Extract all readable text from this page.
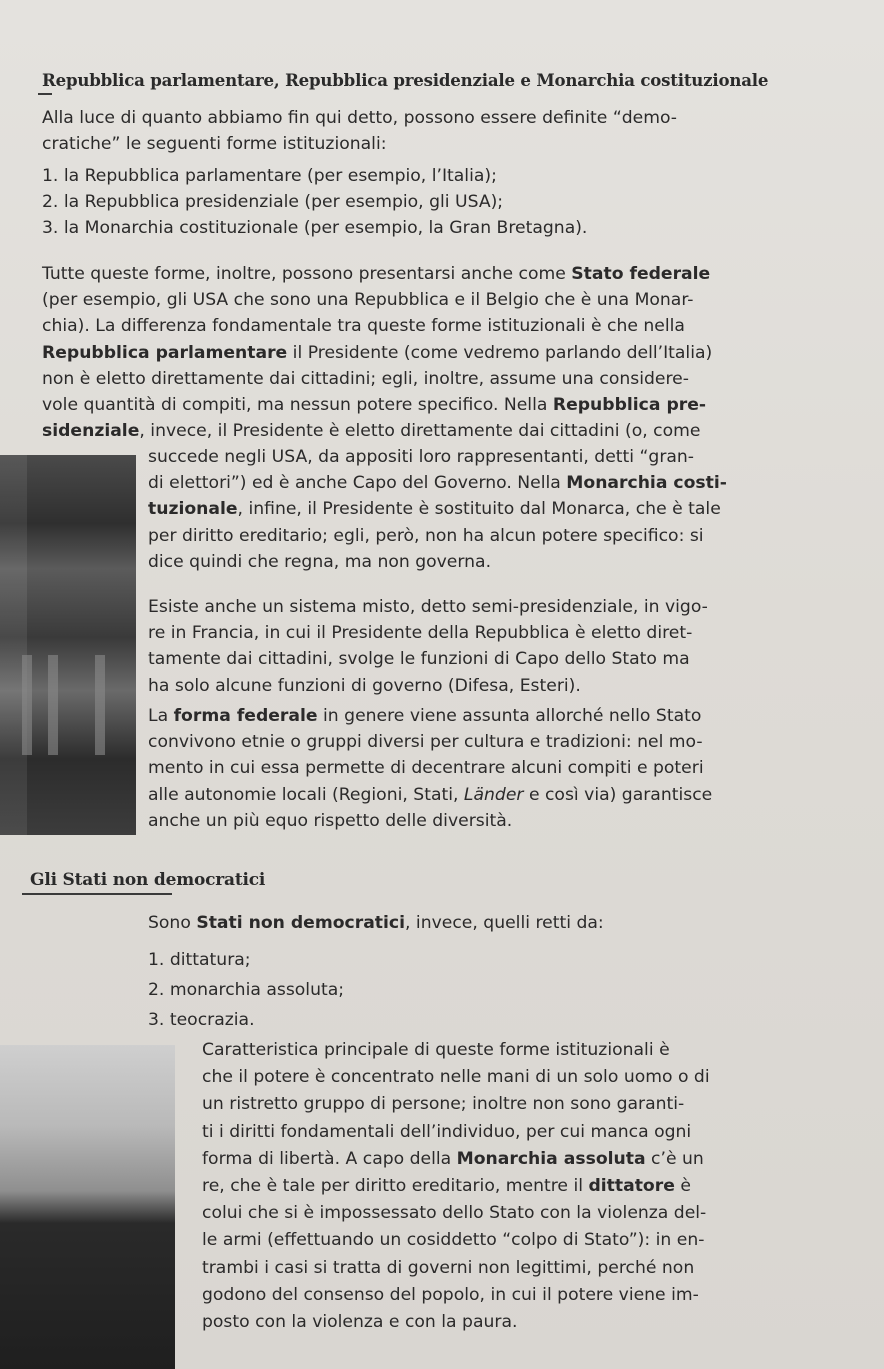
Repubblica parlamentare, Repubblica presidenziale e Monarchia costituzionale
Alla luce di quanto abbiamo fin qui detto, possono essere definite “demo-
cratiche” le seguenti forme istituzionali:
1. la Repubblica parlamentare (per esempio, l’Italia);
2. la Repubblica presidenziale (per esempio, gli USA);
3. la Monarchia costituzionale (per esempio, la Gran Bretagna).
Tutte queste forme, inoltre, possono presentarsi anche come Stato federale
(per esempio, gli USA che sono una Repubblica e il Belgio che è una Monar-
chia). La differenza fondamentale tra queste forme istituzionali è che nella
Repubblica parlamentare il Presidente (come vedremo parlando dell’Italia)
non è eletto direttamente dai cittadini; egli, inoltre, assume una considere-
vole quantità di compiti, ma nessun potere specifico. Nella Repubblica pre-
sidenziale, invece, il Presidente è eletto direttamente dai cittadini (o, come
succede negli USA, da appositi loro rappresentanti, detti “gran-
di elettori”) ed è anche Capo del Governo. Nella Monarchia costi-
tuzionale, infine, il Presidente è sostituito dal Monarca, che è tale
per diritto ereditario; egli, però, non ha alcun potere specifico: si
dice quindi che regna, ma non governa.
Esiste anche un sistema misto, detto semi-presidenziale, in vigo-
re in Francia, in cui il Presidente della Repubblica è eletto diret-
tamente dai cittadini, svolge le funzioni di Capo dello Stato ma
ha solo alcune funzioni di governo (Difesa, Esteri).
La forma federale in genere viene assunta allorché nello Stato
convivono etnie o gruppi diversi per cultura e tradizioni: nel mo-
mento in cui essa permette di decentrare alcuni compiti e poteri
alle autonomie locali (Regioni, Stati, Länder e così via) garantisce
anche un più equo rispetto delle diversità.
Gli Stati non democratici
Sono Stati non democratici, invece, quelli retti da:
1. dittatura;
2. monarchia assoluta;
3. teocrazia.
Caratteristica principale di queste forme istituzionali è
che il potere è concentrato nelle mani di un solo uomo o di
un ristretto gruppo di persone; inoltre non sono garanti-
ti i diritti fondamentali dell’individuo, per cui manca ogni
forma di libertà. A capo della Monarchia assoluta c’è un
re, che è tale per diritto ereditario, mentre il dittatore è
colui che si è impossessato dello Stato con la violenza del-
le armi (effettuando un cosiddetto “colpo di Stato”): in en-
trambi i casi si tratta di governi non legittimi, perché non
godono del consenso del popolo, in cui il potere viene im-
posto con la violenza e con la paura.
